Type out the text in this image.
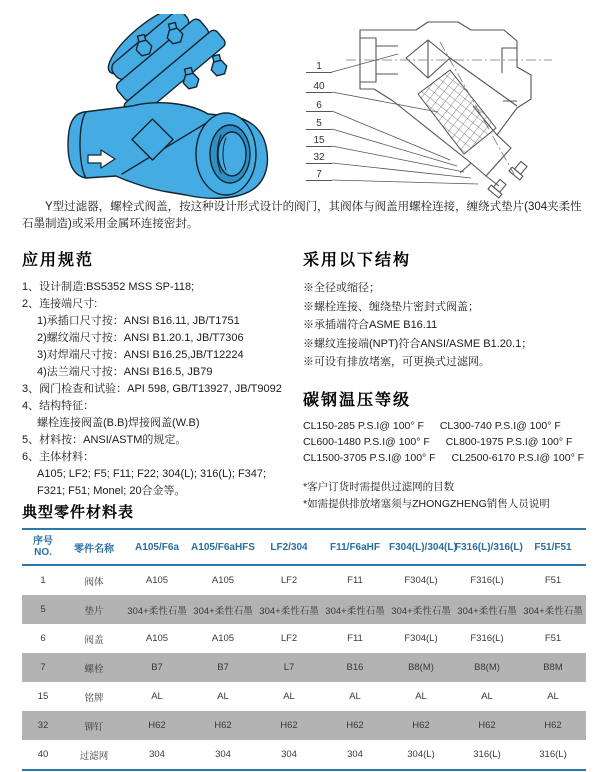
1
40
6
5
15
32
7

Y型过滤器，螺栓式阀盖，按这种设计形式设计的阀门，其阀体与阀盖用螺栓连接，缠绕式垫片(304夹柔性石墨制造)或采用金属环连接密封。

应用规范
1、设计制造:BS5352 MSS SP-118;
2、连接端尺寸:
1)承插口尺寸按：ANSI B16.11, JB/T1751
2)螺纹端尺寸按：ANSI B1.20.1, JB/T7306
3)对焊端尺寸按：ANSI B16.25,JB/T12224
4)法兰端尺寸按：ANSI B16.5, JB79
3、阀门检查和试验：API 598, GB/T13927, JB/T9092
4、结构特征：
螺栓连接阀盖(B.B)焊接阀盖(W.B)
5、材料按：ANSI/ASTM的规定。
6、主体材料：
A105; LF2; F5; F11; F22; 304(L); 316(L); F347;
F321; F51; Monel; 20合金等。
采用以下结构
※全径或缩径；
※螺栓连接、缠绕垫片密封式阀盖；
※承插端符合ASME B16.11
※螺纹连接端(NPT)符合ANSI/ASME B1.20.1；
※可设有排放堵塞，可更换式过滤网。
碳钢温压等级
CL150-285 P.S.I@ 100° F CL300-740 P.S.I@ 100° F
CL600-1480 P.S.I@ 100° F CL800-1975 P.S.I@ 100° F
CL1500-3705 P.S.I@ 100° F CL2500-6170 P.S.I@ 100° F
*客户订货时需提供过滤网的目数
*如需提供排放堵塞须与ZHONGZHENG销售人员说明
典型零件材料表
序号
NO.	零件名称	A105/F6a	A105/F6aHFS	LF2/304	F11/F6aHF	F304(L)/304(L)	F316(L)/316(L)	F51/F51
1	阀体	A105	A105	LF2	F11	F304(L)	F316(L)	F51
5	垫片	304+柔性石墨	304+柔性石墨	304+柔性石墨	304+柔性石墨	304+柔性石墨	304+柔性石墨	304+柔性石墨
6	阀盖	A105	A105	LF2	F11	F304(L)	F316(L)	F51
7	螺栓	B7	B7	L7	B16	B8(M)	B8(M)	B8M
15	铭牌	AL	AL	AL	AL	AL	AL	AL
32	铆钉	H62	H62	H62	H62	H62	H62	H62
40	过滤网	304	304	304	304	304(L)	316(L)	316(L)
